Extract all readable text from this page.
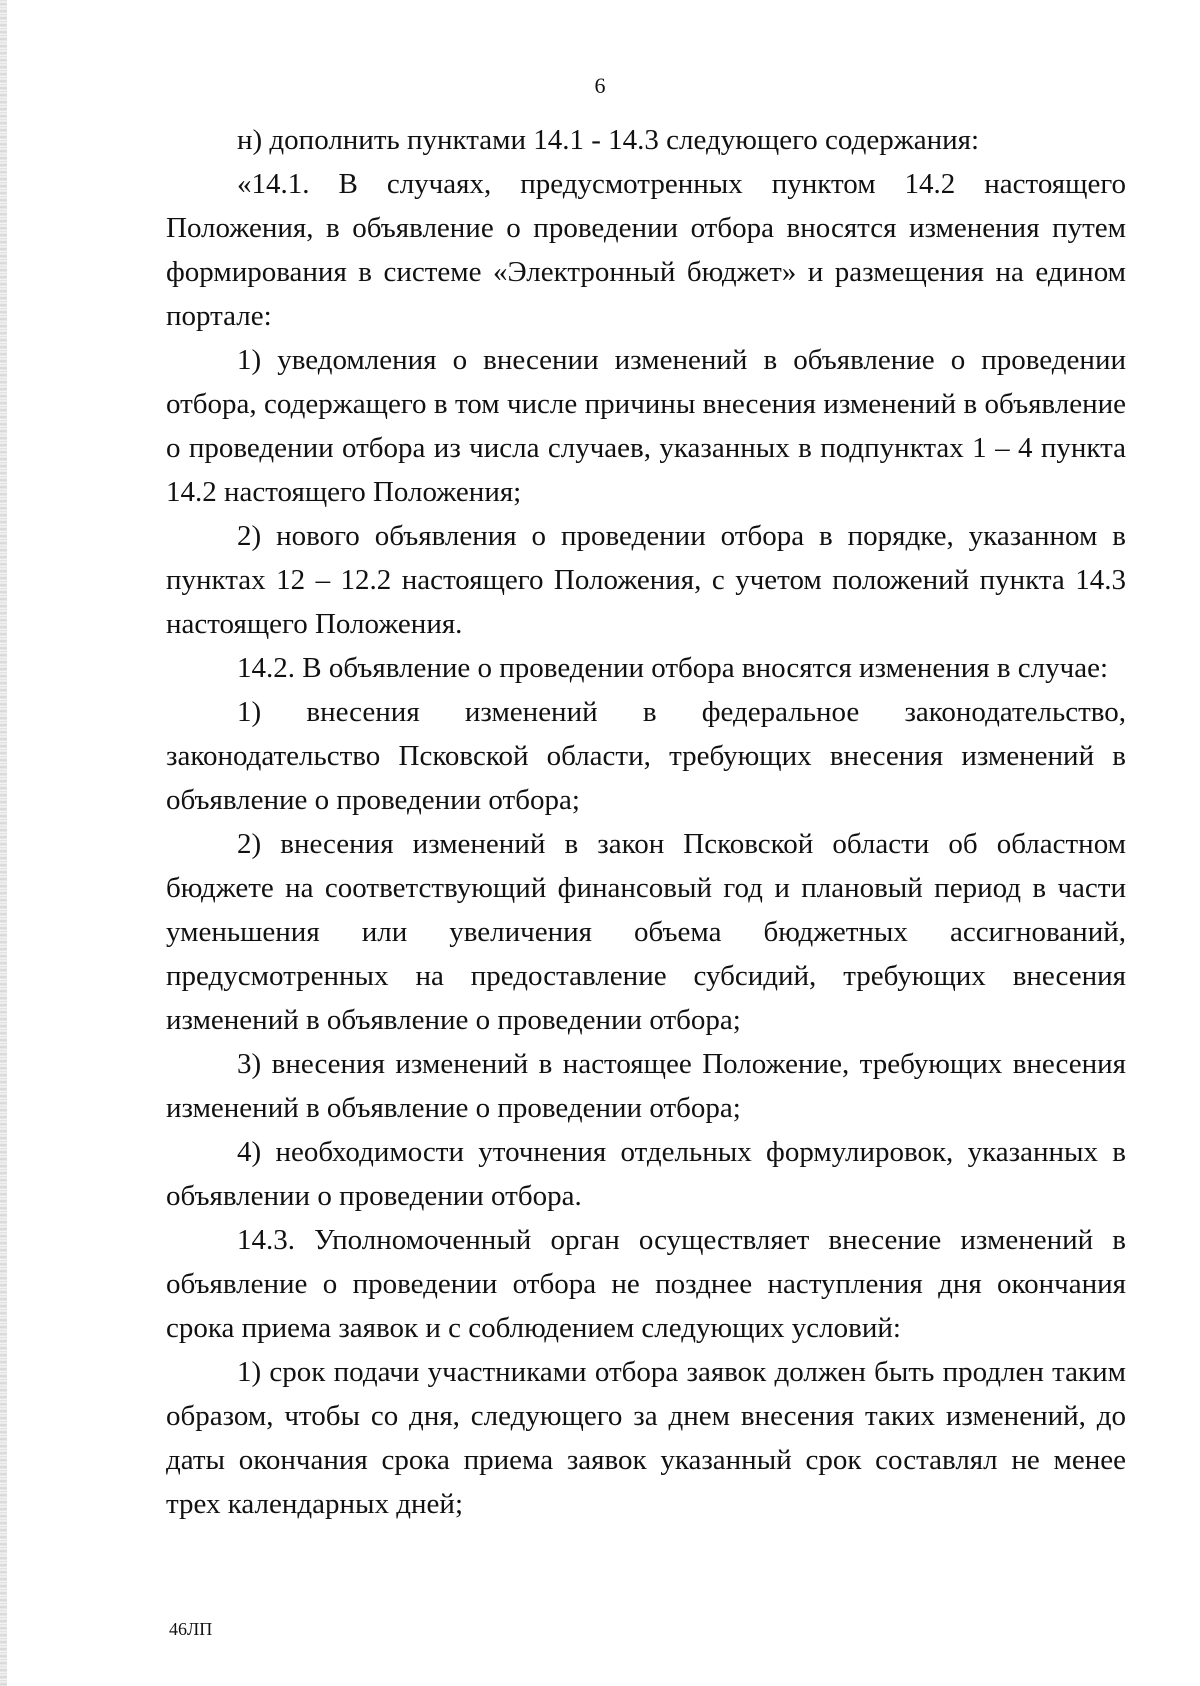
6

н) дополнить пунктами 14.1 - 14.3 следующего содержания:

«14.1. В случаях, предусмотренных пунктом 14.2 настоящего Положения, в объявление о проведении отбора вносятся изменения путем формирования в системе «Электронный бюджет» и размещения на едином портале:

1) уведомления о внесении изменений в объявление о проведении отбора, содержащего в том числе причины внесения изменений в объявление о проведении отбора из числа случаев, указанных в подпунктах 1 – 4 пункта 14.2 настоящего Положения;

2) нового объявления о проведении отбора в порядке, указанном в пунктах 12 – 12.2 настоящего Положения, с учетом положений пункта 14.3 настоящего Положения.

14.2. В объявление о проведении отбора вносятся изменения в случае:

1) внесения изменений в федеральное законодательство, законодательство Псковской области, требующих внесения изменений в объявление о проведении отбора;

2) внесения изменений в закон Псковской области об областном бюджете на соответствующий финансовый год и плановый период в части уменьшения или увеличения объема бюджетных ассигнований, предусмотренных на предоставление субсидий, требующих внесения изменений в объявление о проведении отбора;

3) внесения изменений в настоящее Положение, требующих внесения изменений в объявление о проведении отбора;

4) необходимости уточнения отдельных формулировок, указанных в объявлении о проведении отбора.

14.3. Уполномоченный орган осуществляет внесение изменений в объявление о проведении отбора не позднее наступления дня окончания срока приема заявок и с соблюдением следующих условий:

1) срок подачи участниками отбора заявок должен быть продлен таким образом, чтобы со дня, следующего за днем внесения таких изменений, до даты окончания срока приема заявок указанный срок составлял не менее трех календарных дней;

46ЛП
